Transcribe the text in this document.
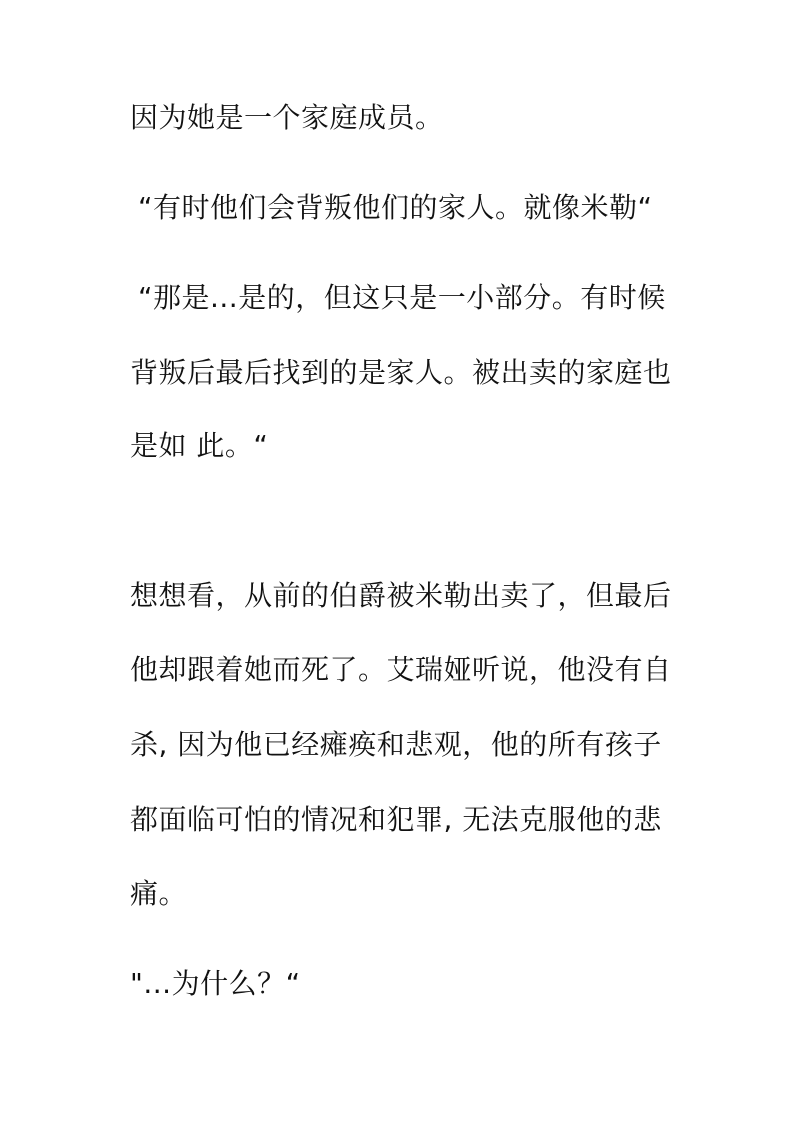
因为她是一个家庭成员。
“有时他们会背叛他们的家人。就像米勒“
“那是...是的，但这只是一小部分。有时候
背叛后最后找到的是家人。被出卖的家庭也
是如 此。“
想想看，从前的伯爵被米勒出卖了，但最后
他却跟着她而死了。艾瑞娅听说，他没有自
杀, 因为他已经瘫痪和悲观，他的所有孩子
都面临可怕的情况和犯罪, 无法克服他的悲
痛。
"...为什么？“
